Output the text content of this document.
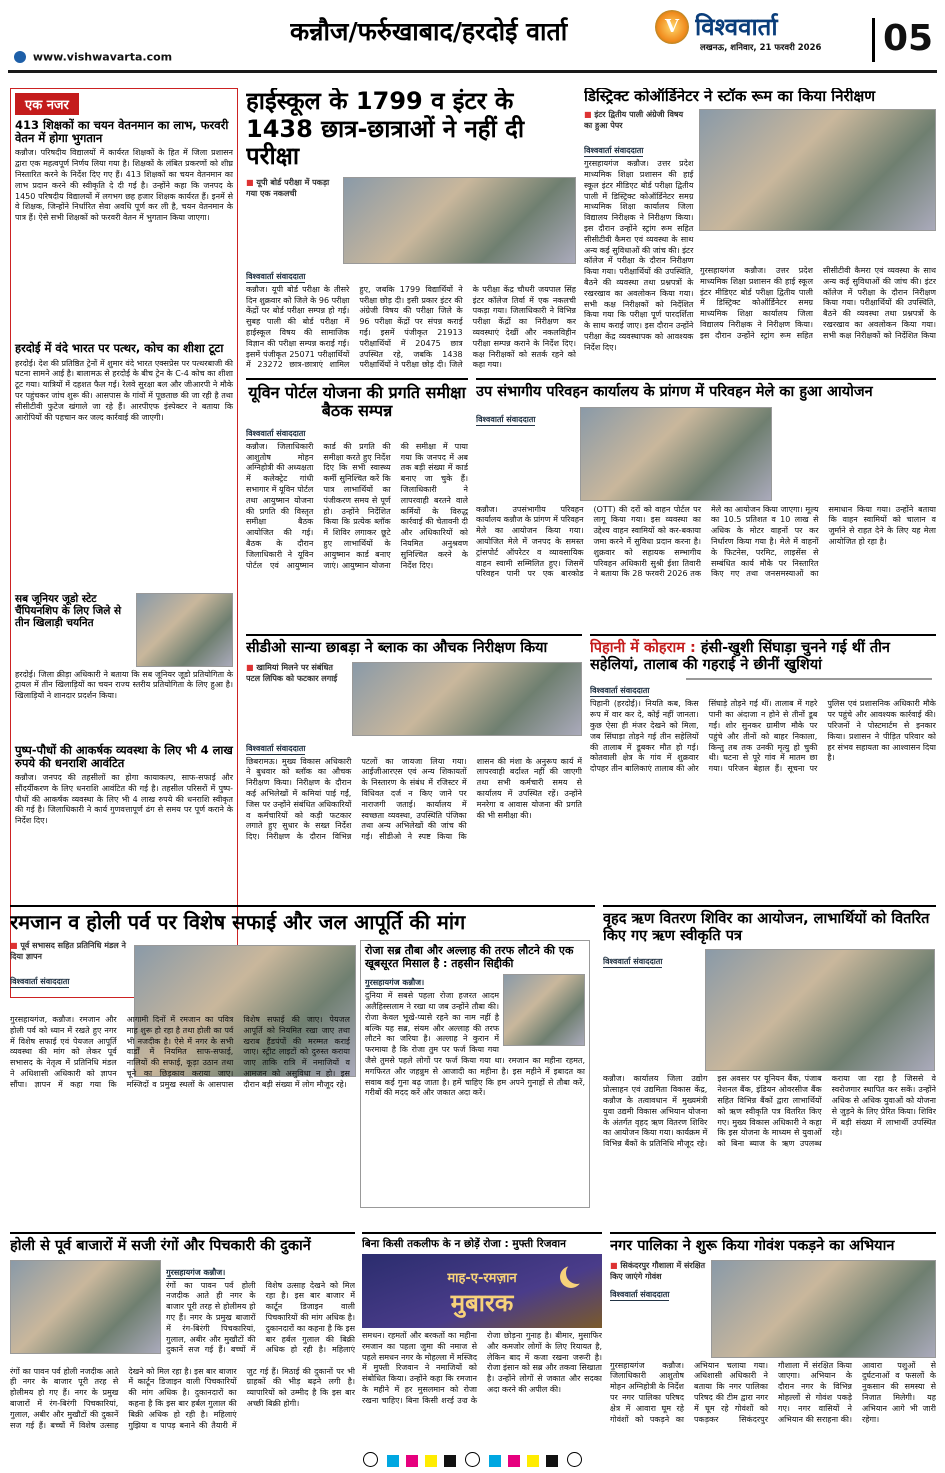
कन्नौज/फर्रुखाबाद/हरदोई वार्ता
www.vishwavarta.com
V विश्ववार्ता
लखनऊ, शनिवार, 21 फरवरी 2026	05
एक नजर
413 शिक्षकों का चयन वेतनमान का लाभ, फरवरी वेतन में होगा भुगतान
कन्नौज। परिषदीय विद्यालयों में कार्यरत शिक्षकों के हित में जिला प्रशासन द्वारा एक महत्वपूर्ण निर्णय लिया गया है। शिक्षकों के लंबित प्रकरणों को शीघ्र निस्तारित करने के निर्देश दिए गए हैं। 413 शिक्षकों का चयन वेतनमान का लाभ प्रदान करने की स्वीकृति दे दी गई है। उन्होंने कहा कि जनपद के 1450 परिषदीय विद्यालयों में लगभग छह हजार शिक्षक कार्यरत हैं। इनमें से वे शिक्षक, जिन्होंने निर्धारित सेवा अवधि पूर्ण कर ली है, चयन वेतनमान के पात्र हैं। ऐसे सभी शिक्षकों को फरवरी वेतन में भुगतान किया जाएगा।
हरदोई में वंदे भारत पर पत्थर, कोच का शीशा टूटा
हरदोई। देश की प्रतिष्ठित ट्रेनों में शुमार वंदे भारत एक्सप्रेस पर पत्थरबाजी की घटना सामने आई है। बालामऊ से हरदोई के बीच ट्रेन के C-4 कोच का शीशा टूट गया। यात्रियों में दहशत फैल गई। रेलवे सुरक्षा बल और जीआरपी ने मौके पर पहुंचकर जांच शुरू की। आसपास के गांवों में पूछताछ की जा रही है तथा सीसीटीवी फुटेज खंगाले जा रहे हैं। आरपीएफ इंस्पेक्टर ने बताया कि आरोपियों की पहचान कर जल्द कार्रवाई की जाएगी।
सब जूनियर जूडो स्टेट चैंपियनशिप के लिए जिले से तीन खिलाड़ी चयनित
हरदोई। जिला क्रीड़ा अधिकारी ने बताया कि सब जूनियर जूडो प्रतियोगिता के ट्रायल में तीन खिलाड़ियों का चयन राज्य स्तरीय प्रतियोगिता के लिए हुआ है। खिलाड़ियों ने शानदार प्रदर्शन किया।
पुष्प-पौधों की आकर्षक व्यवस्था के लिए भी 4 लाख रुपये की धनराशि आवंटित
कन्नौज। जनपद की तहसीलों का होगा कायाकल्प, साफ-सफाई और सौंदर्यीकरण के लिए धनराशि आवंटित की गई है। तहसील परिसरों में पुष्प-पौधों की आकर्षक व्यवस्था के लिए भी 4 लाख रुपये की धनराशि स्वीकृत की गई है। जिलाधिकारी ने कार्य गुणवत्तापूर्ण ढंग से समय पर पूर्ण कराने के निर्देश दिए।
हाईस्कूल के 1799 व इंटर के 1438 छात्र-छात्राओं ने नहीं दी परीक्षा
■ यूपी बोर्ड परीक्षा में पकड़ा गया एक नकलची
विश्ववार्ता संवाददाता
कन्नौज। यूपी बोर्ड परीक्षा के तीसरे दिन शुक्रवार को जिले के 96 परीक्षा केंद्रों पर बोर्ड परीक्षा सम्पन्न हो गई। सुबह पाली की बोर्ड परीक्षा में हाईस्कूल विषय की सामाजिक विज्ञान की परीक्षा सम्पन्न कराई गई। इसमें पंजीकृत 25071 परीक्षार्थियों में 23272 छात्र-छात्राएं शामिल हुए, जबकि 1799 विद्यार्थियों ने परीक्षा छोड़ दी। इसी प्रकार इंटर की अंग्रेजी विषय की परीक्षा जिले के 96 परीक्षा केंद्रों पर संपन्न कराई गई। इसमें पंजीकृत 21913 परीक्षार्थियों में 20475 छात्र उपस्थित रहे, जबकि 1438 परीक्षार्थियों ने परीक्षा छोड़ दी। जिले के परीक्षा केंद्र चौधरी जयपाल सिंह इंटर कॉलेज तिर्वा में एक नकलची पकड़ा गया। जिलाधिकारी ने विभिन्न परीक्षा केंद्रों का निरीक्षण कर व्यवस्थाएं देखीं और नकलविहीन परीक्षा सम्पन्न कराने के निर्देश दिए। कक्ष निरीक्षकों को सतर्क रहने को कहा गया।
डिस्ट्रिक्ट कोऑर्डिनेटर ने स्टॉक रूम का किया निरीक्षण
■ इंटर द्वितीय पाली अंग्रेजी विषय का हुआ पेपर
विश्ववार्ता संवाददाता
गुरसहायगंज कन्नौज। उत्तर प्रदेश माध्यमिक शिक्षा प्रशासन की हाई स्कूल इंटर मीडिएट बोर्ड परीक्षा द्वितीय पाली में डिस्ट्रिक्ट कोऑर्डिनेटर समग्र माध्यमिक शिक्षा कार्यालय जिला विद्यालय निरीक्षक ने निरीक्षण किया। इस दौरान उन्होंने स्ट्रांग रूम सहित सीसीटीवी कैमरा एवं व्यवस्था के साथ अन्य कई सुविधाओं की जांच की। इंटर कॉलेज में परीक्षा के दौरान निरीक्षण किया गया। परीक्षार्थियों की उपस्थिति, बैठने की व्यवस्था तथा प्रश्नपत्रों के रखरखाव का अवलोकन किया गया। सभी कक्ष निरीक्षकों को निर्देशित किया गया कि परीक्षा पूर्ण पारदर्शिता के साथ कराई जाए। इस दौरान उन्होंने परीक्षा केंद्र व्यवस्थापक को आवश्यक निर्देश दिए।
गुरसहायगंज कन्नौज। उत्तर प्रदेश माध्यमिक शिक्षा प्रशासन की हाई स्कूल इंटर मीडिएट बोर्ड परीक्षा द्वितीय पाली में डिस्ट्रिक्ट कोऑर्डिनेटर समग्र माध्यमिक शिक्षा कार्यालय जिला विद्यालय निरीक्षक ने निरीक्षण किया। इस दौरान उन्होंने स्ट्रांग रूम सहित सीसीटीवी कैमरा एवं व्यवस्था के साथ अन्य कई सुविधाओं की जांच की। इंटर कॉलेज में परीक्षा के दौरान निरीक्षण किया गया। परीक्षार्थियों की उपस्थिति, बैठने की व्यवस्था तथा प्रश्नपत्रों के रखरखाव का अवलोकन किया गया। सभी कक्ष निरीक्षकों को निर्देशित किया
यूविन पोर्टल योजना की प्रगति समीक्षा बैठक सम्पन्न
विश्ववार्ता संवाददाता
कन्नौज। जिलाधिकारी आशुतोष मोहन अग्निहोत्री की अध्यक्षता में कलेक्ट्रेट गांधी सभागार में यूविन पोर्टल तथा आयुष्मान योजना की प्रगति की विस्तृत समीक्षा बैठक आयोजित की गई। बैठक के दौरान जिलाधिकारी ने यूविन पोर्टल एवं आयुष्मान कार्ड की प्रगति की समीक्षा करते हुए निर्देश दिए कि सभी स्वास्थ्य कर्मी सुनिश्चित करें कि पात्र लाभार्थियों का पंजीकरण समय से पूर्ण हो। उन्होंने निर्देशित किया कि प्रत्येक ब्लॉक में शिविर लगाकर छूटे हुए लाभार्थियों के आयुष्मान कार्ड बनाए जाएं। आयुष्मान योजना की समीक्षा में पाया गया कि जनपद में अब तक बड़ी संख्या में कार्ड बनाए जा चुके हैं। जिलाधिकारी ने लापरवाही बरतने वाले कर्मियों के विरुद्ध कार्रवाई की चेतावनी दी और अधिकारियों को नियमित अनुश्रवण सुनिश्चित करने के निर्देश दिए।
उप संभागीय परिवहन कार्यालय के प्रांगण में परिवहन मेले का हुआ आयोजन
विश्ववार्ता संवाददाता
कन्नौज। उपसंभागीय परिवहन कार्यालय कन्नौज के प्रांगण में परिवहन मेले का आयोजन किया गया। आयोजित मेले में जनपद के समस्त ट्रांसपोर्ट ऑपरेटर व व्यावसायिक वाहन स्वामी सम्मिलित हुए। जिसमें परिवहन पानी पर एक बारकोड (OTT) की दरों को वाहन पोर्टल पर लागू किया गया। इस व्यवस्था का उद्देश्य वाहन स्वामियों को कर-बकाया जमा करने में सुविधा प्रदान करना है। शुक्रवार को सहायक सम्भागीय परिवहन अधिकारी सुश्री ईशा तिवारी ने बताया कि 28 फरवरी 2026 तक मेले का आयोजन किया जाएगा। मूल्य का 10.5 प्रतिशत व 10 लाख से अधिक के मोटर वाहनों पर कर निर्धारण किया गया है। मेले में वाहनों के फिटनेस, परमिट, लाइसेंस से सम्बंधित कार्य मौके पर निस्तारित किए गए तथा जनसमस्याओं का समाधान किया गया। उन्होंने बताया कि वाहन स्वामियों को चालान व जुर्माने से राहत देने के लिए यह मेला आयोजित हो रहा है।
सीडीओ सान्या छाबड़ा ने ब्लाक का औचक निरीक्षण किया
■ खामियां मिलने पर संबंधित पटल लिपिक को फटकार लगाई
विश्ववार्ता संवाददाता
छिबरामऊ। मुख्य विकास अधिकारी ने बुधवार को ब्लॉक का औचक निरीक्षण किया। निरीक्षण के दौरान कई अभिलेखों में कमियां पाई गईं, जिस पर उन्होंने संबंधित अधिकारियों व कर्मचारियों को कड़ी फटकार लगाते हुए सुधार के सख्त निर्देश दिए। निरीक्षण के दौरान विभिन्न पटलों का जायजा लिया गया। आईजीआरएस एवं अन्य शिकायतों के निस्तारण के संबंध में रजिस्टर में विधिवत दर्ज न किए जाने पर नाराजगी जताई। कार्यालय में स्वच्छता व्यवस्था, उपस्थिति पंजिका तथा अन्य अभिलेखों की जांच की गई। सीडीओ ने स्पष्ट किया कि शासन की मंशा के अनुरूप कार्य में लापरवाही बर्दाश्त नहीं की जाएगी तथा सभी कर्मचारी समय से कार्यालय में उपस्थित रहें। उन्होंने मनरेगा व आवास योजना की प्रगति की भी समीक्षा की।
पिहानी में कोहराम : हंसी-खुशी सिंघाड़ा चुनने गई थीं तीन सहेलियां, तालाब की गहराई ने छीनीं खुशियां
विश्ववार्ता संवाददाता
पिहानी (हरदोई)। नियति कब, किस रूप में वार कर दे, कोई नहीं जानता। कुछ ऐसा ही मंजर देखने को मिला, जब सिंघाड़ा तोड़ने गई तीन सहेलियों की तालाब में डूबकर मौत हो गई। कोतवाली क्षेत्र के गांव में शुक्रवार दोपहर तीन बालिकाएं तालाब की ओर सिंघाड़े तोड़ने गई थीं। तालाब में गहरे पानी का अंदाजा न होने से तीनों डूब गईं। शोर सुनकर ग्रामीण मौके पर पहुंचे और तीनों को बाहर निकाला, किन्तु तब तक उनकी मृत्यु हो चुकी थी। घटना से पूरे गांव में मातम छा गया। परिजन बेहाल हैं। सूचना पर पुलिस एवं प्रशासनिक अधिकारी मौके पर पहुंचे और आवश्यक कार्रवाई की। परिजनों ने पोस्टमार्टम से इनकार किया। प्रशासन ने पीड़ित परिवार को हर संभव सहायता का आश्वासन दिया है।
रमजान व होली पर्व पर विशेष सफाई और जल आपूर्ति की मांग
■ पूर्व सभासद सहित प्रतिनिधि मंडल ने दिया ज्ञापन
विश्ववार्ता संवाददाता
गुरसहायगंज, कन्नौज। रमजान और होली पर्व को ध्यान में रखते हुए नगर में विशेष सफाई एवं पेयजल आपूर्ति व्यवस्था की मांग को लेकर पूर्व सभासद के नेतृत्व में प्रतिनिधि मंडल ने अधिशासी अधिकारी को ज्ञापन सौंपा। ज्ञापन में कहा गया कि आगामी दिनों में रमजान का पवित्र माह शुरू हो रहा है तथा होली का पर्व भी नजदीक है। ऐसे में नगर के सभी वार्डों में नियमित साफ-सफाई, नालियों की सफाई, कूड़ा उठान तथा चूने का छिड़काव कराया जाए। मस्जिदों व प्रमुख स्थलों के आसपास विशेष सफाई की जाए। पेयजल आपूर्ति को नियमित रखा जाए तथा खराब हैंडपंपों की मरम्मत कराई जाए। स्ट्रीट लाइटों को दुरुस्त कराया जाए ताकि रात्रि में नमाजियों व आमजन को असुविधा न हो। इस दौरान बड़ी संख्या में लोग मौजूद रहे।
रोजा सब्र तौबा और अल्लाह की तरफ लौटने की एक खूबसूरत मिसाल है : तहसीन सिद्दीकी
गुरसहायगंज कन्नौज।
दुनिया में सबसे पहला रोजा हजरत आदम अलैहिस्सलाम ने रखा था जब उन्होंने तौबा की। रोजा केवल भूखे-प्यासे रहने का नाम नहीं है बल्कि यह सब्र, संयम और अल्लाह की तरफ लौटने का जरिया है। अल्लाह ने कुरान में फरमाया है कि रोजा तुम पर फर्ज किया गया जैसे तुमसे पहले लोगों पर फर्ज किया गया था। रमजान का महीना रहमत, मगफिरत और जहन्नुम से आजादी का महीना है। इस महीने में इबादत का सवाब कई गुना बढ़ जाता है। हमें चाहिए कि हम अपने गुनाहों से तौबा करें, गरीबों की मदद करें और जकात अदा करें।
वृहद ऋण वितरण शिविर का आयोजन, लाभार्थियों को वितरित किए गए ऋण स्वीकृति पत्र
विश्ववार्ता संवाददाता
कन्नौज। कार्यालय जिला उद्योग प्रोत्साहन एवं उद्यमिता विकास केंद्र, कन्नौज के तत्वावधान में मुख्यमंत्री युवा उद्यमी विकास अभियान योजना के अंतर्गत वृहद ऋण वितरण शिविर का आयोजन किया गया। कार्यक्रम में विभिन्न बैंकों के प्रतिनिधि मौजूद रहे। इस अवसर पर यूनियन बैंक, पंजाब नेशनल बैंक, इंडियन ओवरसीज बैंक सहित विभिन्न बैंकों द्वारा लाभार्थियों को ऋण स्वीकृति पत्र वितरित किए गए। मुख्य विकास अधिकारी ने कहा कि इस योजना के माध्यम से युवाओं को बिना ब्याज के ऋण उपलब्ध कराया जा रहा है जिससे वे स्वरोजगार स्थापित कर सकें। उन्होंने अधिक से अधिक युवाओं को योजना से जुड़ने के लिए प्रेरित किया। शिविर में बड़ी संख्या में लाभार्थी उपस्थित रहे।
होली से पूर्व बाजारों में सजी रंगों और पिचकारी की दुकानें
गुरसहायगंज कन्नौज।
रंगों का पावन पर्व होली नजदीक आते ही नगर के बाजार पूरी तरह से होलीमय हो गए हैं। नगर के प्रमुख बाजारों में रंग-बिरंगी पिचकारियां, गुलाल, अबीर और मुखौटों की दुकानें सज गई हैं। बच्चों में विशेष उत्साह देखने को मिल रहा है। इस बार बाजार में कार्टून डिजाइन वाली पिचकारियों की मांग अधिक है। दुकानदारों का कहना है कि इस बार हर्बल गुलाल की बिक्री अधिक हो रही है। महिलाएं
रंगों का पावन पर्व होली नजदीक आते ही नगर के बाजार पूरी तरह से होलीमय हो गए हैं। नगर के प्रमुख बाजारों में रंग-बिरंगी पिचकारियां, गुलाल, अबीर और मुखौटों की दुकानें सज गई हैं। बच्चों में विशेष उत्साह देखने को मिल रहा है। इस बार बाजार में कार्टून डिजाइन वाली पिचकारियों की मांग अधिक है। दुकानदारों का कहना है कि इस बार हर्बल गुलाल की बिक्री अधिक हो रही है। महिलाएं गुझिया व पापड़ बनाने की तैयारी में जुट गई हैं। मिठाई की दुकानों पर भी ग्राहकों की भीड़ बढ़ने लगी है। व्यापारियों को उम्मीद है कि इस बार अच्छी बिक्री होगी।
बिना किसी तकलीफ के न छोड़ें रोजा : मुफ्ती रिजवान
माह-ए-रमज़ान
मुबारक
समधन। रहमतों और बरकतों का महीना रमजान का पहला जुमा की नमाज से पहले समधन नगर के मोहल्ला में मस्जिद में मुफ्ती रिजवान ने नमाजियों को संबोधित किया। उन्होंने कहा कि रमजान के महीने में हर मुसलमान को रोजा रखना चाहिए। बिना किसी शरई उज्र के रोजा छोड़ना गुनाह है। बीमार, मुसाफिर और कमजोर लोगों के लिए रियायत है, लेकिन बाद में कजा रखना जरूरी है। रोजा इंसान को सब्र और तकवा सिखाता है। उन्होंने लोगों से जकात और सदका अदा करने की अपील की।
नगर पालिका ने शुरू किया गोवंश पकड़ने का अभियान
■ सिकंदरपुर गौशाला में संरक्षित किए जाएंगे गोवंश
विश्ववार्ता संवाददाता
गुरसहायगंज कन्नौज। जिलाधिकारी आशुतोष मोहन अग्निहोत्री के निर्देश पर नगर पालिका परिषद क्षेत्र में आवारा घूम रहे गोवंशों को पकड़ने का अभियान चलाया गया। अधिशासी अधिकारी ने बताया कि नगर पालिका परिषद की टीम द्वारा नगर में घूम रहे गोवंशों को पकड़कर सिकंदरपुर गौशाला में संरक्षित किया जाएगा। अभियान के दौरान नगर के विभिन्न मोहल्लों से गोवंश पकड़े गए। नगर वासियों ने अभियान की सराहना की। आवारा पशुओं से दुर्घटनाओं व फसलों के नुकसान की समस्या से निजात मिलेगी। यह अभियान आगे भी जारी रहेगा।
